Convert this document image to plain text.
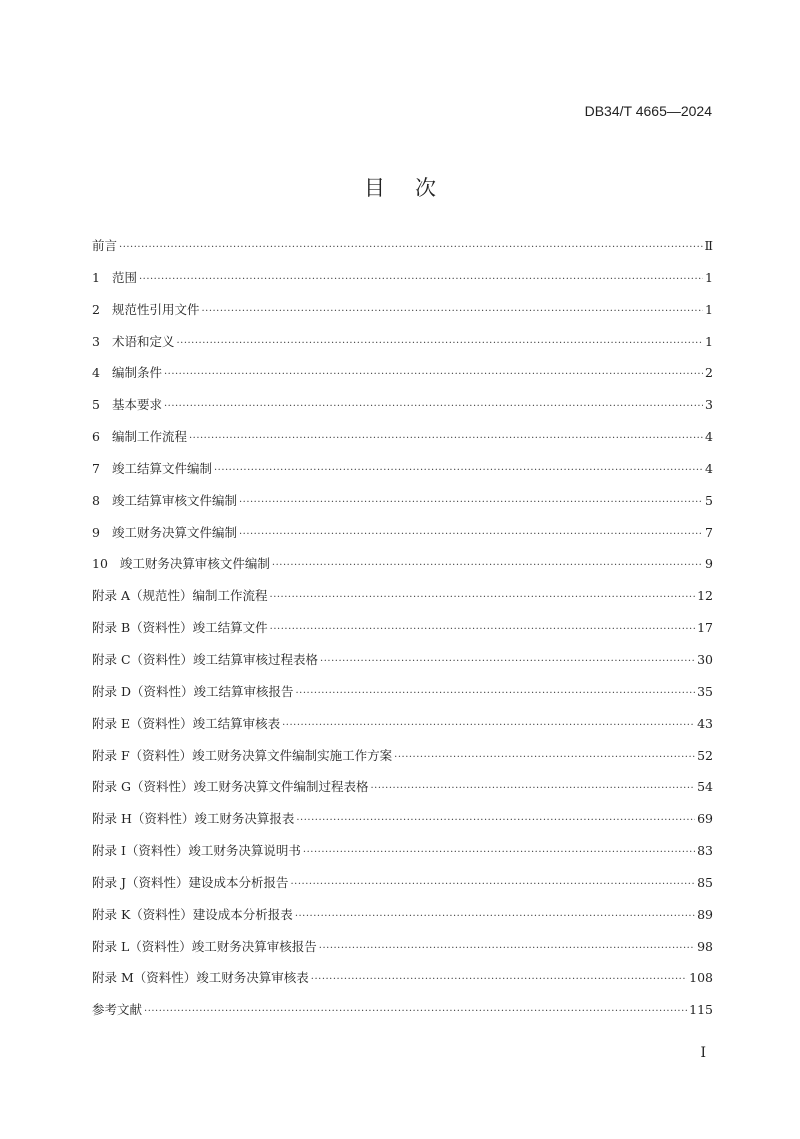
DB34/T 4665—2024
目 次
前言 ·····	Ⅱ
1 范围 ·····	1
2 规范性引用文件 ·····	1
3 术语和定义 ·····	1
4 编制条件 ·····	2
5 基本要求 ·····	3
6 编制工作流程 ·····	4
7 竣工结算文件编制 ·····	4
8 竣工结算审核文件编制 ·····	5
9 竣工财务决算文件编制 ·····	7
10 竣工财务决算审核文件编制 ·····	9
附录 A（规范性）编制工作流程 ·····	12
附录 B（资料性）竣工结算文件 ·····	17
附录 C（资料性）竣工结算审核过程表格 ·····	30
附录 D（资料性）竣工结算审核报告 ·····	35
附录 E（资料性）竣工结算审核表 ·····	43
附录 F（资料性）竣工财务决算文件编制实施工作方案 ·····	52
附录 G（资料性）竣工财务决算文件编制过程表格 ·····	54
附录 H（资料性）竣工财务决算报表 ·····	69
附录 I（资料性）竣工财务决算说明书 ·····	83
附录 J（资料性）建设成本分析报告 ·····	85
附录 K（资料性）建设成本分析报表 ·····	89
附录 L（资料性）竣工财务决算审核报告 ·····	98
附录 M（资料性）竣工财务决算审核表 ·····	108
参考文献 ·····	115
I
